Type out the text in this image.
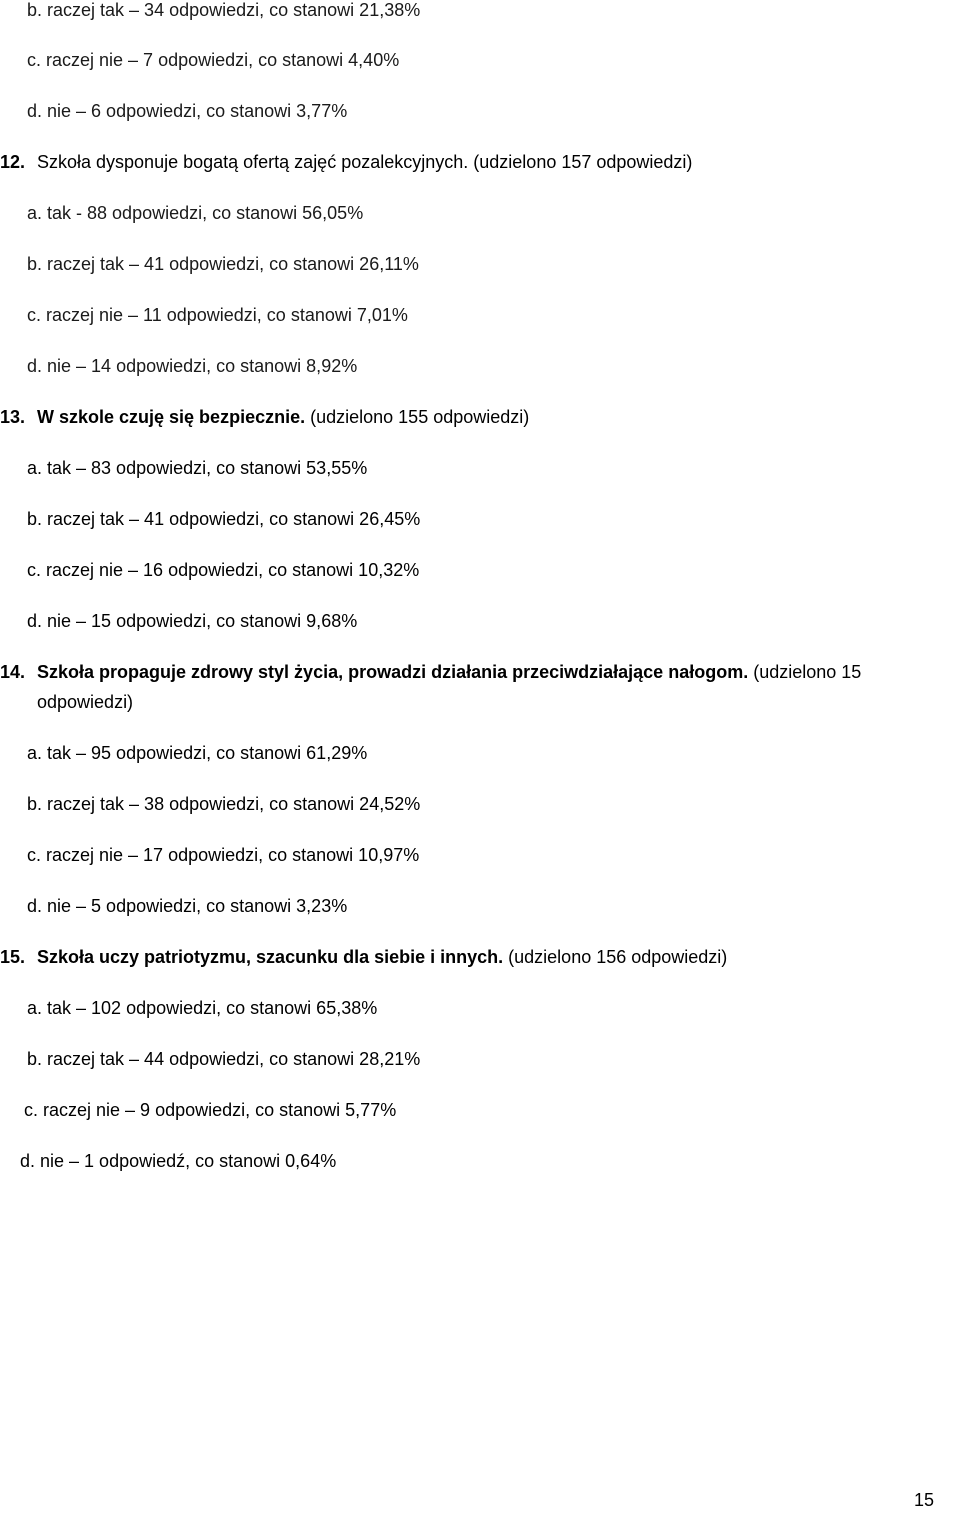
b. raczej tak – 34 odpowiedzi, co stanowi 21,38%
c. raczej nie – 7 odpowiedzi, co stanowi 4,40%
d. nie – 6 odpowiedzi, co stanowi 3,77%
12. Szkoła dysponuje bogatą ofertą zajęć pozalekcyjnych. (udzielono 157 odpowiedzi)
a. tak - 88 odpowiedzi, co stanowi 56,05%
b. raczej tak – 41 odpowiedzi, co stanowi 26,11%
c. raczej nie – 11 odpowiedzi, co stanowi 7,01%
d. nie – 14 odpowiedzi, co stanowi 8,92%
13. W szkole czuję się bezpiecznie. (udzielono 155 odpowiedzi)
a. tak – 83 odpowiedzi, co stanowi 53,55%
b. raczej tak – 41 odpowiedzi, co stanowi 26,45%
c. raczej nie – 16 odpowiedzi, co stanowi 10,32%
d. nie – 15 odpowiedzi, co stanowi 9,68%
14. Szkoła propaguje zdrowy styl życia, prowadzi działania przeciwdziałające nałogom. (udzielono 15
odpowiedzi)
a. tak – 95 odpowiedzi, co stanowi 61,29%
b. raczej tak – 38 odpowiedzi, co stanowi 24,52%
c. raczej nie – 17 odpowiedzi, co stanowi 10,97%
d. nie – 5 odpowiedzi, co stanowi 3,23%
15. Szkoła uczy patriotyzmu, szacunku dla siebie i innych. (udzielono 156 odpowiedzi)
a. tak – 102 odpowiedzi, co stanowi 65,38%
b. raczej tak – 44 odpowiedzi, co stanowi 28,21%
c. raczej nie – 9 odpowiedzi, co stanowi 5,77%
d. nie – 1 odpowiedź, co stanowi 0,64%
15
